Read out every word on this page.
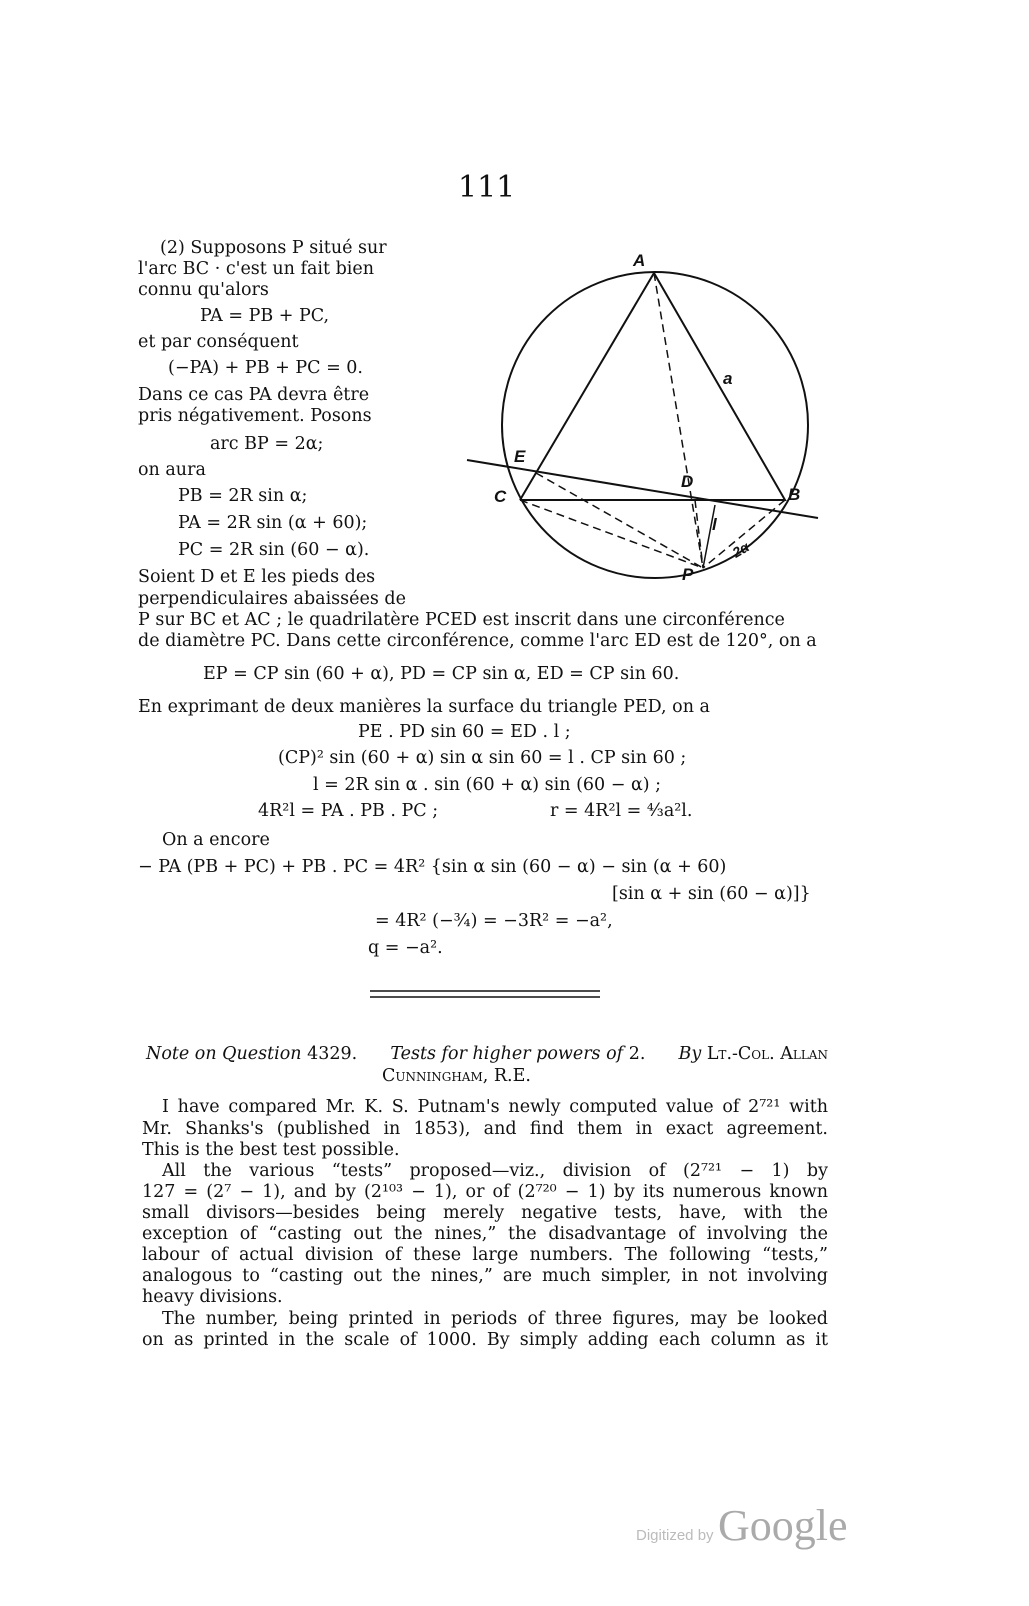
111
(2) Supposons P situé sur
l'arc BC · c'est un fait bien
connu qu'alors
PA = PB + PC,
et par conséquent
(−PA) + PB + PC = 0.
Dans ce cas PA devra être
pris négativement. Posons
arc BP = 2α;
on aura
PB = 2R sin α;
PA = 2R sin (α + 60);
PC = 2R sin (60 − α).
Soient D et E les pieds des
perpendiculaires abaissées de
A
B
C
D
E
P
a
l
2α
P sur BC et AC ; le quadrilatère PCED est inscrit dans une circonférence
de diamètre PC. Dans cette circonférence, comme l'arc ED est de 120°, on a
EP = CP sin (60 + α), PD = CP sin α, ED = CP sin 60.
En exprimant de deux manières la surface du triangle PED, on a
PE . PD sin 60 = ED . l ;
(CP)² sin (60 + α) sin α sin 60 = l . CP sin 60 ;
l = 2R sin α . sin (60 + α) sin (60 − α) ;
4R²l = PA . PB . PC ;	r = 4R²l = ⁴⁄₃a²l.
On a encore
− PA (PB + PC) + PB . PC = 4R² {sin α sin (60 − α) − sin (α + 60)
[sin α + sin (60 − α)]}
= 4R² (−¾) = −3R² = −a²,
q = −a².
Note on Question 4329. Tests for higher powers of 2. By Lt.-Col. Allan
Cunningham, R.E.
I have compared Mr. K. S. Putnam's newly computed value of 2⁷²¹ with
Mr. Shanks's (published in 1853), and find them in exact agreement.
This is the best test possible.
All the various “tests” proposed—viz., division of (2⁷²¹ − 1) by
127 = (2⁷ − 1), and by (2¹⁰³ − 1), or of (2⁷²⁰ − 1) by its numerous known
small divisors—besides being merely negative tests, have, with the
exception of “casting out the nines,” the disadvantage of involving the
labour of actual division of these large numbers. The following “tests,”
analogous to “casting out the nines,” are much simpler, in not involving
heavy divisions.
The number, being printed in periods of three figures, may be looked
on as printed in the scale of 1000. By simply adding each column as it
Digitized by Google
